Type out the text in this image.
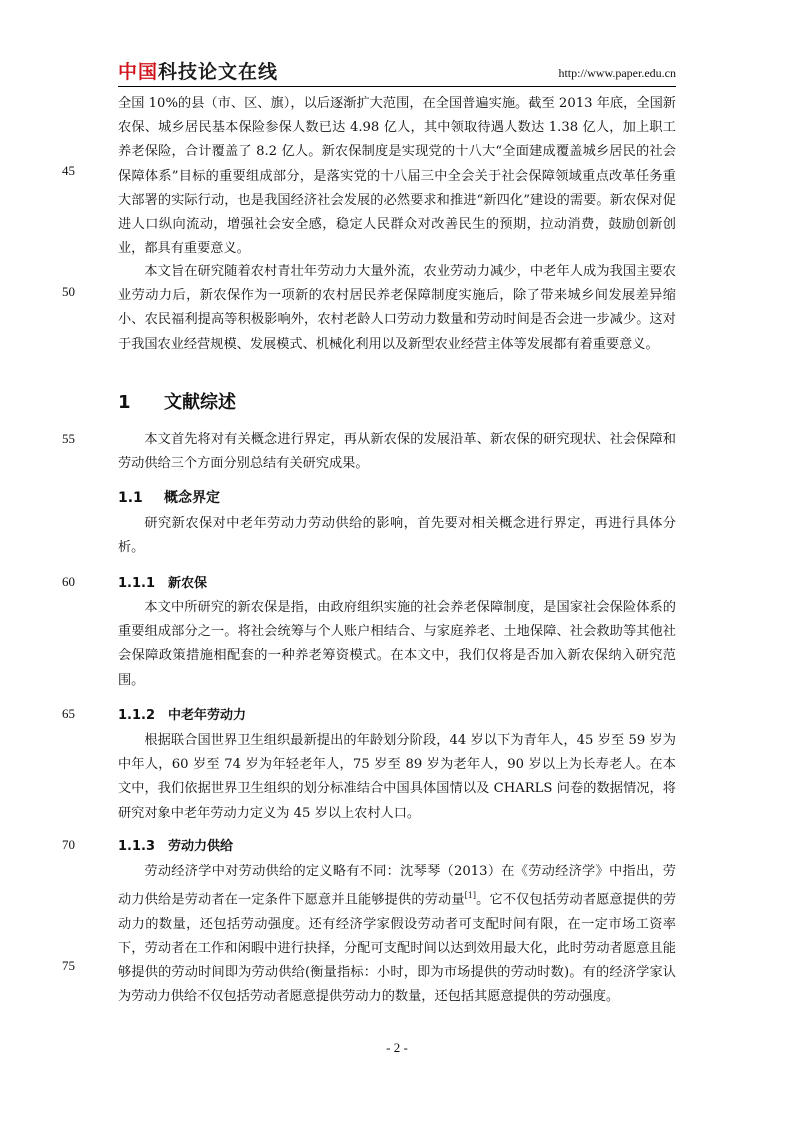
中国科技论文在线	http://www.paper.edu.cn
45
50
55
60
65
70
75

全国 10%的县（市、区、旗），以后逐渐扩大范围，在全国普遍实施。截至 2013 年底，全国新农保、城乡居民基本保险参保人数已达 4.98 亿人，其中领取待遇人数达 1.38 亿人，加上职工养老保险，合计覆盖了 8.2 亿人。新农保制度是实现党的十八大“全面建成覆盖城乡居民的社会保障体系”目标的重要组成部分，是落实党的十八届三中全会关于社会保障领域重点改革任务重大部署的实际行动，也是我国经济社会发展的必然要求和推进“新四化”建设的需要。新农保对促进人口纵向流动，增强社会安全感，稳定人民群众对改善民生的预期，拉动消费，鼓励创新创业，都具有重要意义。

本文旨在研究随着农村青壮年劳动力大量外流，农业劳动力减少，中老年人成为我国主要农业劳动力后，新农保作为一项新的农村居民养老保障制度实施后，除了带来城乡间发展差异缩小、农民福利提高等积极影响外，农村老龄人口劳动力数量和劳动时间是否会进一步减少。这对于我国农业经营规模、发展模式、机械化利用以及新型农业经营主体等发展都有着重要意义。

1 文献综述

本文首先将对有关概念进行界定，再从新农保的发展沿革、新农保的研究现状、社会保障和劳动供给三个方面分别总结有关研究成果。

1.1 概念界定

研究新农保对中老年劳动力劳动供给的影响，首先要对相关概念进行界定，再进行具体分析。

1.1.1 新农保

本文中所研究的新农保是指，由政府组织实施的社会养老保障制度，是国家社会保险体系的重要组成部分之一。将社会统筹与个人账户相结合、与家庭养老、土地保障、社会救助等其他社会保障政策措施相配套的一种养老筹资模式。在本文中，我们仅将是否加入新农保纳入研究范围。

1.1.2 中老年劳动力

根据联合国世界卫生组织最新提出的年龄划分阶段，44 岁以下为青年人，45 岁至 59 岁为中年人，60 岁至 74 岁为年轻老年人，75 岁至 89 岁为老年人，90 岁以上为长寿老人。在本文中，我们依据世界卫生组织的划分标准结合中国具体国情以及 CHARLS 问卷的数据情况，将研究对象中老年劳动力定义为 45 岁以上农村人口。

1.1.3 劳动力供给

劳动经济学中对劳动供给的定义略有不同：沈琴琴（2013）在《劳动经济学》中指出，劳动力供给是劳动者在一定条件下愿意并且能够提供的劳动量[1]。它不仅包括劳动者愿意提供的劳动力的数量，还包括劳动强度。还有经济学家假设劳动者可支配时间有限，在一定市场工资率下，劳动者在工作和闲暇中进行抉择，分配可支配时间以达到效用最大化，此时劳动者愿意且能够提供的劳动时间即为劳动供给(衡量指标：小时，即为市场提供的劳动时数)。有的经济学家认为劳动力供给不仅包括劳动者愿意提供劳动力的数量，还包括其愿意提供的劳动强度。

- 2 -
